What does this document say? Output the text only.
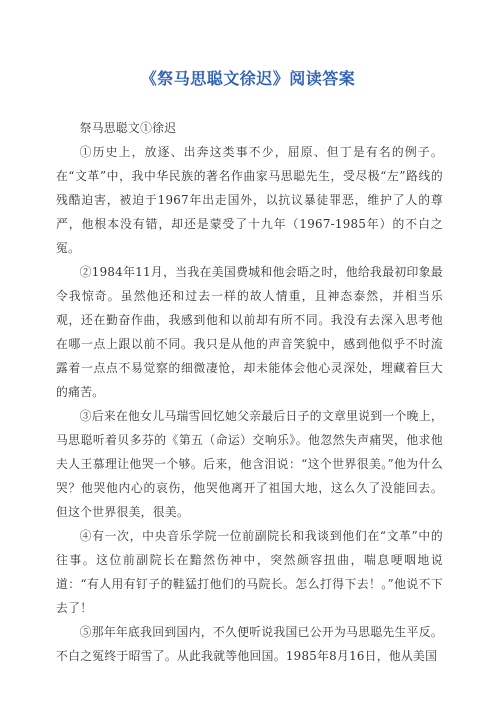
《祭马思聪文徐迟》阅读答案

祭马思聪文①徐迟

①历史上，放逐、出奔这类事不少，屈原、但丁是有名的例子。在“文革”中，我中华民族的著名作曲家马思聪先生，受尽极“左”路线的残酷迫害，被迫于1967年出走国外，以抗议暴徒罪恶，维护了人的尊严，他根本没有错，却还是蒙受了十九年（1967-1985年）的不白之冤。

②1984年11月，当我在美国费城和他会晤之时，他给我最初印象最令我惊奇。虽然他还和过去一样的故人情重，且神态泰然，并相当乐观，还在勤奋作曲，我感到他和以前却有所不同。我没有去深入思考他在哪一点上跟以前不同。我只是从他的声音笑貌中，感到他似乎不时流露着一点点不易觉察的细微凄怆，却未能体会他心灵深处，埋藏着巨大的痛苦。

③后来在他女儿马瑞雪回忆她父亲最后日子的文章里说到一个晚上，马思聪听着贝多芬的《第五（命运）交响乐》。他忽然失声痛哭，他求他夫人王慕理让他哭一个够。后来，他含泪说：“这个世界很美。”他为什么哭？他哭他内心的哀伤，他哭他离开了祖国大地，这么久了没能回去。但这个世界很美，很美。

④有一次，中央音乐学院一位前副院长和我谈到他们在“文革”中的往事。这位前副院长在黯然伤神中，突然颜容扭曲，喘息哽咽地说道：“有人用有钉子的鞋猛打他们的马院长。怎么打得下去！。”他说不下去了！

⑤那年年底我回到国内，不久便听说我国已公开为马思聪先生平反。不白之冤终于昭雪了。从此我就等他回国。1985年8月16日，他从美国
